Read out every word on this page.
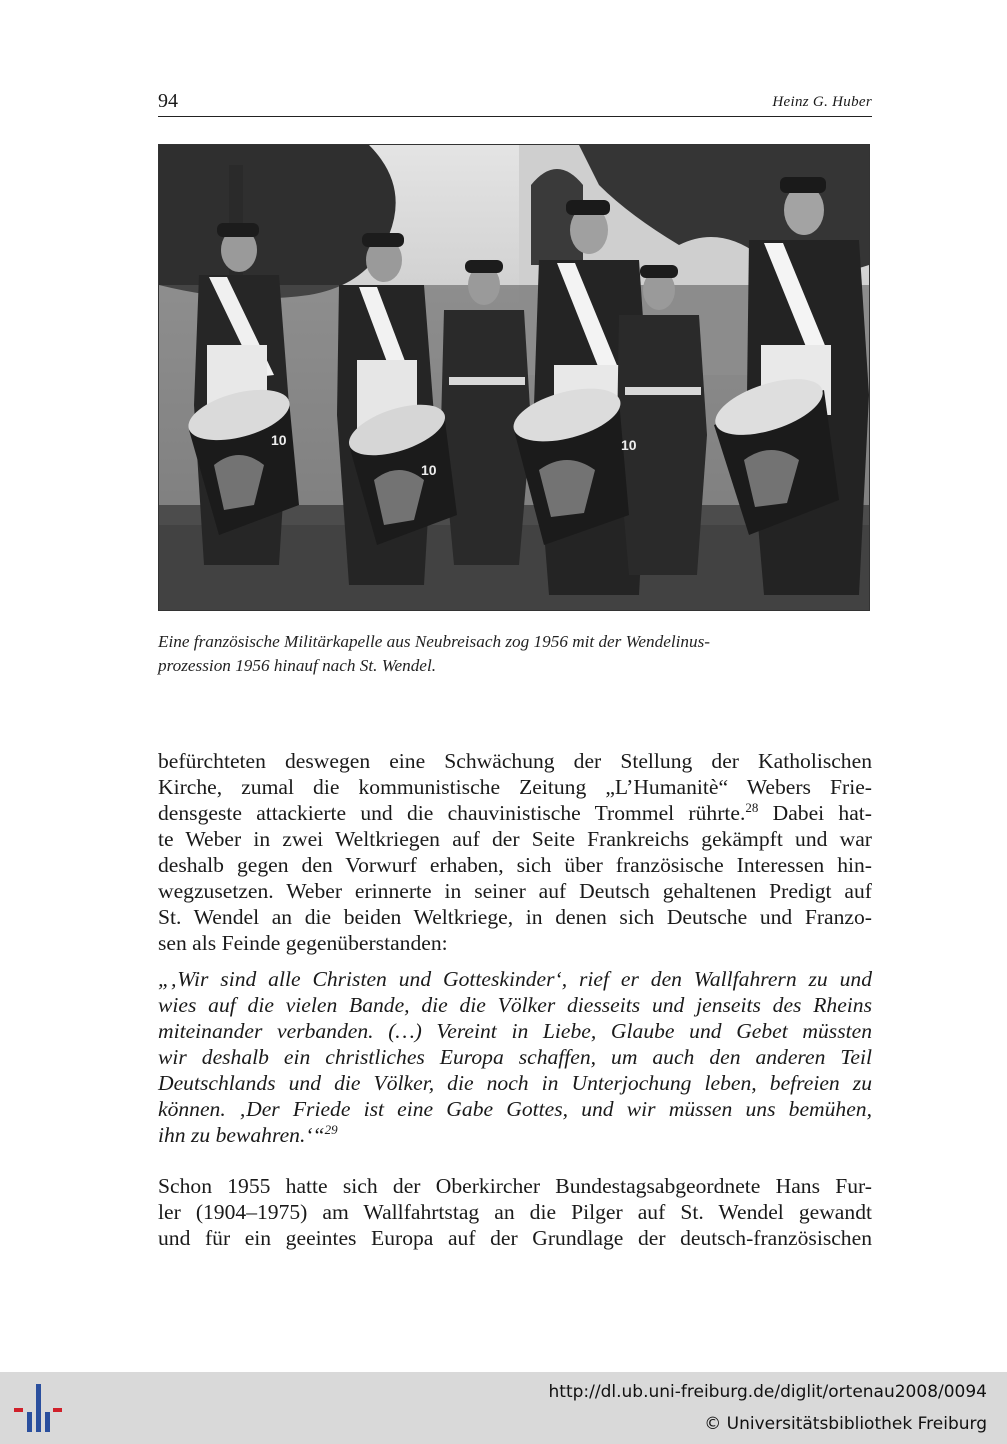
94	Heinz G. Huber
10
10
10
Eine französische Militärkapelle aus Neubreisach zog 1956 mit der Wendelinus-
prozession 1956 hinauf nach St. Wendel.
befürchteten deswegen eine Schwächung der Stellung der Katholischen
Kirche, zumal die kommunistische Zeitung „L’Humanitè“ Webers Frie-
densgeste attackierte und die chauvinistische Trommel rührte.$^{28}$ Dabei hat-
te Weber in zwei Weltkriegen auf der Seite Frankreichs gekämpft und war
deshalb gegen den Vorwurf erhaben, sich über französische Interessen hin-
wegzusetzen. Weber erinnerte in seiner auf Deutsch gehaltenen Predigt auf
St. Wendel an die beiden Weltkriege, in denen sich Deutsche und Franzo-
sen als Feinde gegenüberstanden:
„‚Wir sind alle Christen und Gotteskinder‘, rief er den Wallfahrern zu und
wies auf die vielen Bande, die die Völker diesseits und jenseits des Rheins
miteinander verbanden. (…) Vereint in Liebe, Glaube und Gebet müssten
wir deshalb ein christliches Europa schaffen, um auch den anderen Teil
Deutschlands und die Völker, die noch in Unterjochung leben, befreien zu
können. ‚Der Friede ist eine Gabe Gottes, und wir müssen uns bemühen,
ihn zu bewahren.‘“$^{29}$
Schon 1955 hatte sich der Oberkircher Bundestagsabgeordnete Hans Fur-
ler (1904–1975) am Wallfahrtstag an die Pilger auf St. Wendel gewandt
und für ein geeintes Europa auf der Grundlage der deutsch-französischen
http://dl.ub.uni-freiburg.de/diglit/ortenau2008/0094
© Universitätsbibliothek Freiburg
